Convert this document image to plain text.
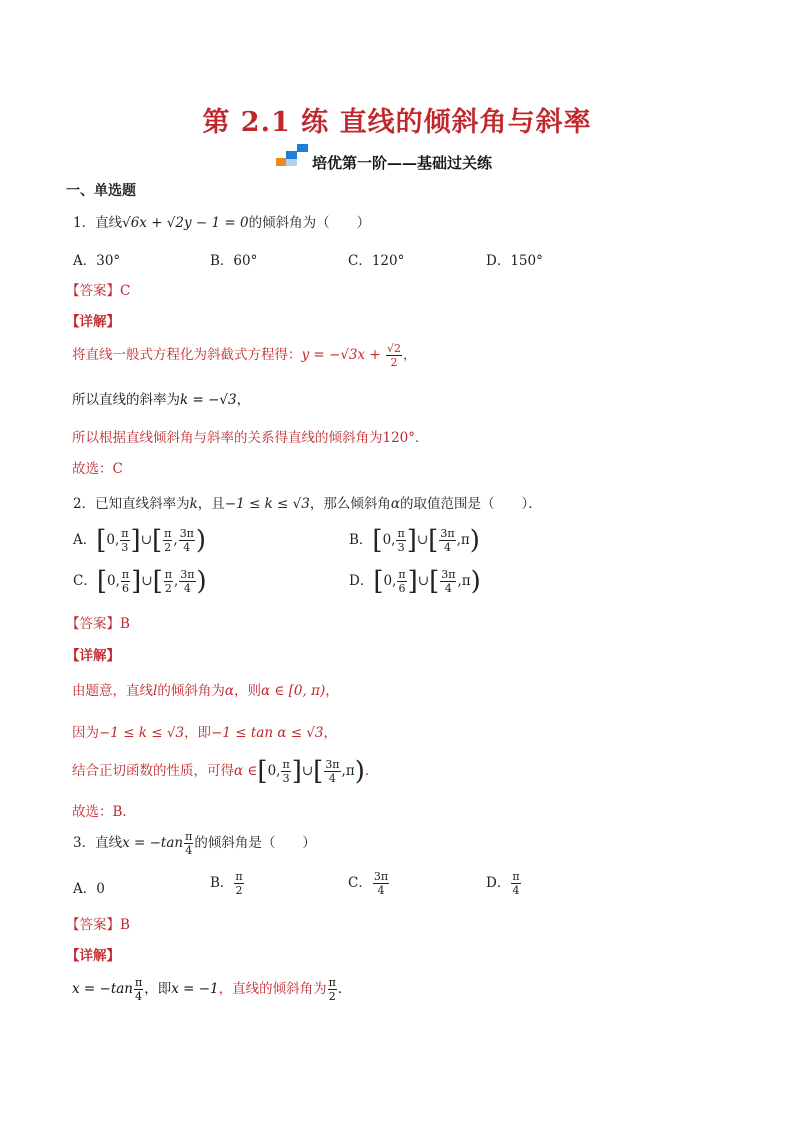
第 2.1 练 直线的倾斜角与斜率
培优第一阶——基础过关练
一、单选题
1．直线√6x + √2y − 1 = 0的倾斜角为（　　）
A．30°	B．60°	C．120°	D．150°
【答案】C
【详解】
将直线一般式方程化为斜截式方程得：$y = -√3x + \frac{√2}{2}$ ，
所以直线的斜率为k = −√3，
所以根据直线倾斜角与斜率的关系得直线的倾斜角为120°．
故选：C
2．已知直线斜率为k，且−1 ≤ k ≤ √3，那么倾斜角α的取值范围是（　　）．
A．[0, $\frac{\pi}{3}$ ]∪[ $\frac{\pi}{2}$ , $\frac{3\pi}{4}$ )	B．[0, $\frac{\pi}{3}$ ]∪[ $\frac{3\pi}{4} ,\pi$)
C．[0, $\frac{\pi}{6}$ ]∪[ $\frac{\pi}{2}$ , $\frac{3\pi}{4}$ )	D．[0, $\frac{\pi}{6}$ ]∪[ $\frac{3\pi}{4} ,\pi$)
【答案】B
【详解】
由题意，直线l的倾斜角为α，则α ∈ [0, π)，
因为−1 ≤ k ≤ √3，即−1 ≤ tan α ≤ √3，
结合正切函数的性质，可得α ∈[0, $\frac{\pi}{3}$ ]∪[ $\frac{3\pi}{4} ,\pi$)．
故选：B．
3．直线$x = -\tan \frac{\pi}{4}$ 的倾斜角是（　　）
A．0	B． $\frac{\pi}{2}$	C． $\frac{3\pi}{4}$	D． $\frac{\pi}{4}$
【答案】B
【详解】
$x = -\tan \frac{\pi}{4}$ ，即x = −1，直线的倾斜角为 $\frac{\pi}{2}$ ．
